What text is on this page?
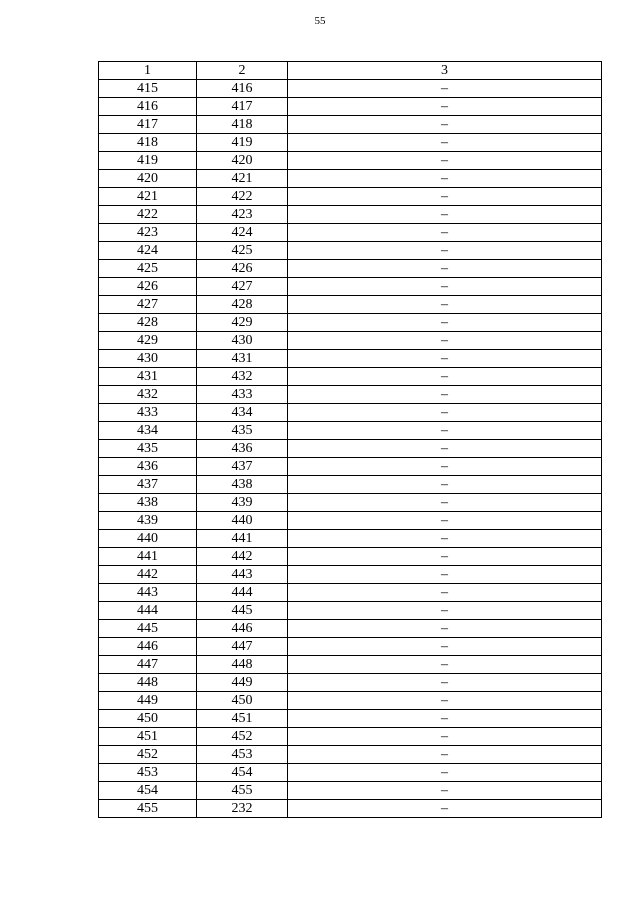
55
1	2	3
415	416	–
416	417	–
417	418	–
418	419	–
419	420	–
420	421	–
421	422	–
422	423	–
423	424	–
424	425	–
425	426	–
426	427	–
427	428	–
428	429	–
429	430	–
430	431	–
431	432	–
432	433	–
433	434	–
434	435	–
435	436	–
436	437	–
437	438	–
438	439	–
439	440	–
440	441	–
441	442	–
442	443	–
443	444	–
444	445	–
445	446	–
446	447	–
447	448	–
448	449	–
449	450	–
450	451	–
451	452	–
452	453	–
453	454	–
454	455	–
455	232	–
